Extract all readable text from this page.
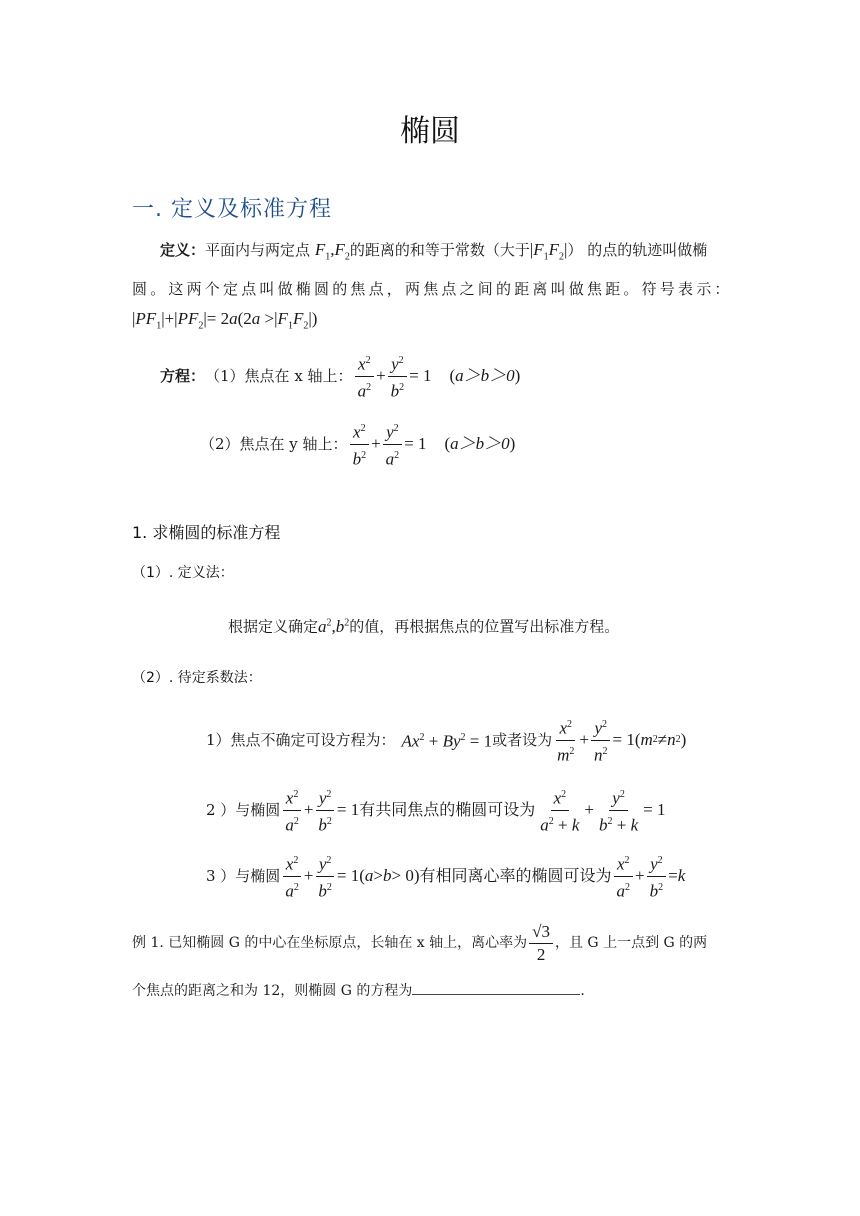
椭圆
一. 定义及标准方程
定义：平面内与两定点 $F_1,F_2$的距离的和等于常数（大于$|F_1F_2|$） 的点的轨迹叫做椭
圆。这两个定点叫做椭圆的焦点，两焦点之间的距离叫做焦距。符号表示：
$|PF_1|+|PF_2|= 2a(2a >|F_1F_2|)$
方程： （1）焦点在 x 轴上： $\frac{x^2}{a^2} + \frac{y^2}{b^2} = 1$ (a＞b＞0)
（2）焦点在 y 轴上： $\frac{x^2}{b^2} + \frac{y^2}{a^2} = 1$ (a＞b＞0)
1. 求椭圆的标准方程
（1）. 定义法：
根据定义确定$a^2,b^2$的值，再根据焦点的位置写出标准方程。
（2）. 待定系数法：
1）焦点不确定可设方程为： $Ax^2 + By^2 = 1$ 或者设为 $\frac{x^2}{m^2} + \frac{y^2}{n^2} = 1$( m 2 ≠ n 2 )
2 ）与椭圆 $\frac{x^2}{a^2} + \frac{y^2}{b^2} = 1$ 有共同焦点的椭圆可设为 $\frac{x^2}{a^2 + k} + \frac{y^2}{b^2 + k} = 1$
3 ）与椭圆 $\frac{x^2}{a^2} + \frac{y^2}{b^2} = 1$( a > b > 0) 有相同离心率的椭圆可设为 $\frac{x^2}{a^2} + \frac{y^2}{b^2} = k$
例 1. 已知椭圆 G 的中心在坐标原点，长轴在 x 轴上，离心率为 $\frac{√3}{2}$ ，且 G 上一点到 G 的两
个焦点的距离之和为 12，则椭圆 G 的方程为	.
